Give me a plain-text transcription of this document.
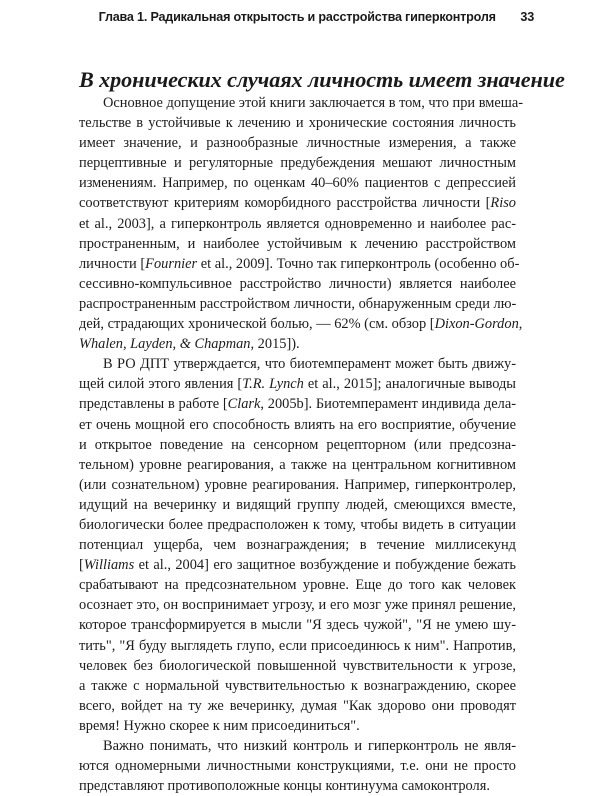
Глава 1. Радикальная открытость и расстройства гиперконтроля 33
В хронических случаях личность имеет значение
Основное допущение этой книги заключается в том, что при вмеша-
тельстве в устойчивые к лечению и хронические состояния личность
имеет значение, и разнообразные личностные измерения, а также
перцептивные и регуляторные предубеждения мешают личностным
изменениям. Например, по оценкам 40–60% пациентов с депрессией
соответствуют критериям коморбидного расстройства личности [Riso
et al., 2003], а гиперконтроль является одновременно и наиболее рас-
пространенным, и наиболее устойчивым к лечению расстройством
личности [Fournier et al., 2009]. Точно так гиперконтроль (особенно об-
сессивно-компульсивное расстройство личности) является наиболее
распространенным расстройством личности, обнаруженным среди лю-
дей, страдающих хронической болью, — 62% (см. обзор [Dixon-Gordon,
Whalen, Layden, & Chapman, 2015]).
В РО ДПТ утверждается, что биотемперамент может быть движу-
щей силой этого явления [T.R. Lynch et al., 2015]; аналогичные выводы
представлены в работе [Clark, 2005b]. Биотемперамент индивида дела-
ет очень мощной его способность влиять на его восприятие, обучение
и открытое поведение на сенсорном рецепторном (или предсозна-
тельном) уровне реагирования, а также на центральном когнитивном
(или сознательном) уровне реагирования. Например, гиперконтролер,
идущий на вечеринку и видящий группу людей, смеющихся вместе,
биологически более предрасположен к тому, чтобы видеть в ситуации
потенциал ущерба, чем вознаграждения; в течение миллисекунд
[Williams et al., 2004] его защитное возбуждение и побуждение бежать
срабатывают на предсознательном уровне. Еще до того как человек
осознает это, он воспринимает угрозу, и его мозг уже принял решение,
которое трансформируется в мысли "Я здесь чужой", "Я не умею шу-
тить", "Я буду выглядеть глупо, если присоединюсь к ним". Напротив,
человек без биологической повышенной чувствительности к угрозе,
а также с нормальной чувствительностью к вознаграждению, скорее
всего, войдет на ту же вечеринку, думая "Как здорово они проводят
время! Нужно скорее к ним присоединиться".
Важно понимать, что низкий контроль и гиперконтроль не явля-
ются одномерными личностными конструкциями, т.е. они не просто
представляют противоположные концы континуума самоконтроля.
